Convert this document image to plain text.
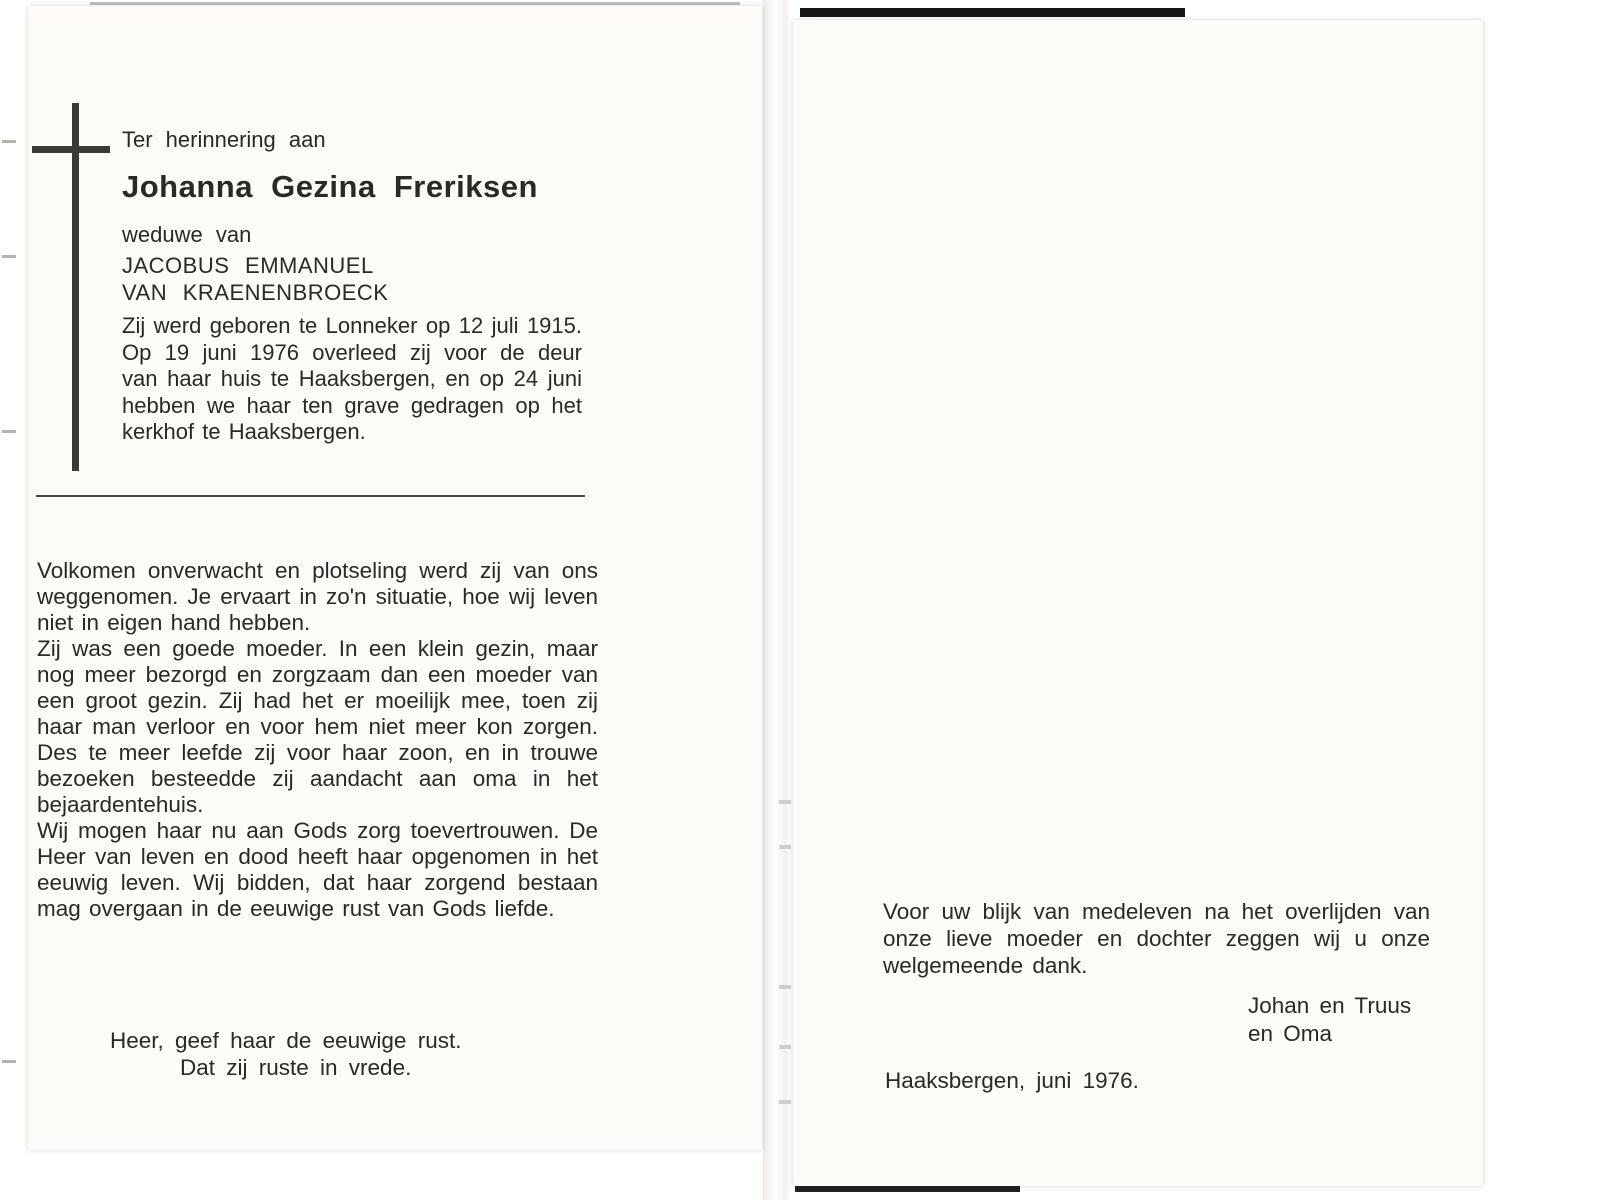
Ter herinnering aan
Johanna Gezina Freriksen
weduwe van
JACOBUS EMMANUEL
VAN KRAENENBROECK
Zij werd geboren te Lonneker op 12 juli 1915. Op 19 juni 1976 overleed zij voor de deur van haar huis te Haaksbergen, en op 24 juni hebben we haar ten grave gedragen op het kerkhof te Haaksbergen.

Volkomen onverwacht en plotseling werd zij van ons weggenomen. Je ervaart in zo'n situatie, hoe wij leven niet in eigen hand hebben.

Zij was een goede moeder. In een klein gezin, maar nog meer bezorgd en zorgzaam dan een moeder van een groot gezin. Zij had het er moeilijk mee, toen zij haar man verloor en voor hem niet meer kon zorgen. Des te meer leefde zij voor haar zoon, en in trouwe bezoeken besteedde zij aandacht aan oma in het bejaardentehuis.

Wij mogen haar nu aan Gods zorg toevertrouwen. De Heer van leven en dood heeft haar opgenomen in het eeuwig leven. Wij bidden, dat haar zorgend bestaan mag overgaan in de eeuwige rust van Gods liefde.

Heer, geef haar de eeuwige rust.
Dat zij ruste in vrede.
Voor uw blijk van medeleven na het overlijden van onze lieve moeder en dochter zeggen wij u onze welgemeende dank.
Johan en Truus
en Oma
Haaksbergen, juni 1976.
